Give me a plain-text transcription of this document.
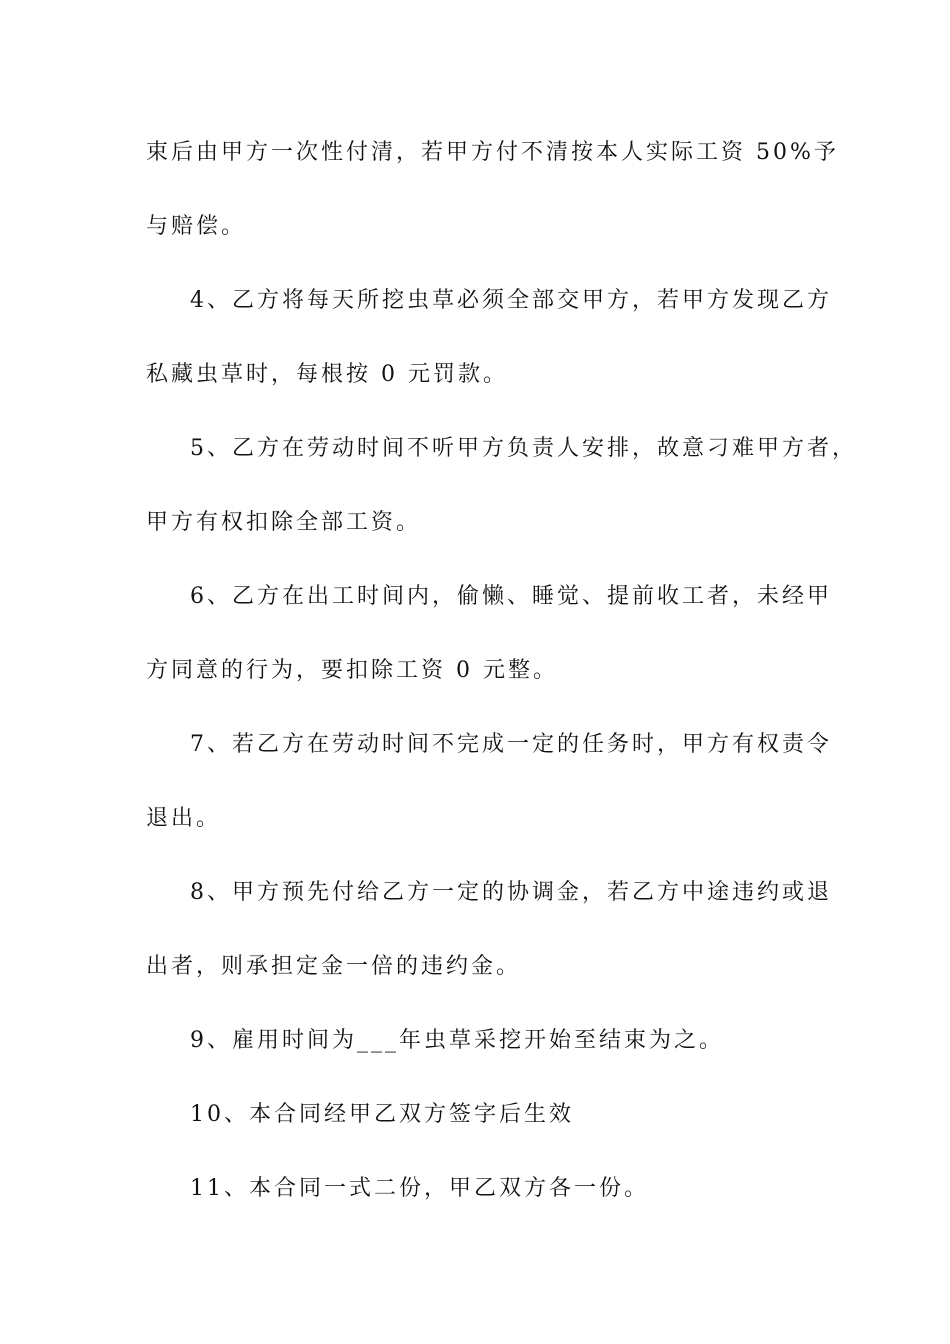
束后由甲方一次性付清，若甲方付不清按本人实际工资 50%予
与赔偿。
4、乙方将每天所挖虫草必须全部交甲方，若甲方发现乙方
私藏虫草时，每根按 0 元罚款。
5、乙方在劳动时间不听甲方负责人安排，故意刁难甲方者，
甲方有权扣除全部工资。
6、乙方在出工时间内，偷懒、睡觉、提前收工者，未经甲
方同意的行为，要扣除工资 0 元整。
7、若乙方在劳动时间不完成一定的任务时，甲方有权责令
退出。
8、甲方预先付给乙方一定的协调金，若乙方中途违约或退
出者，则承担定金一倍的违约金。
9、雇用时间为___年虫草采挖开始至结束为之。
10、本合同经甲乙双方签字后生效
11、本合同一式二份，甲乙双方各一份。
